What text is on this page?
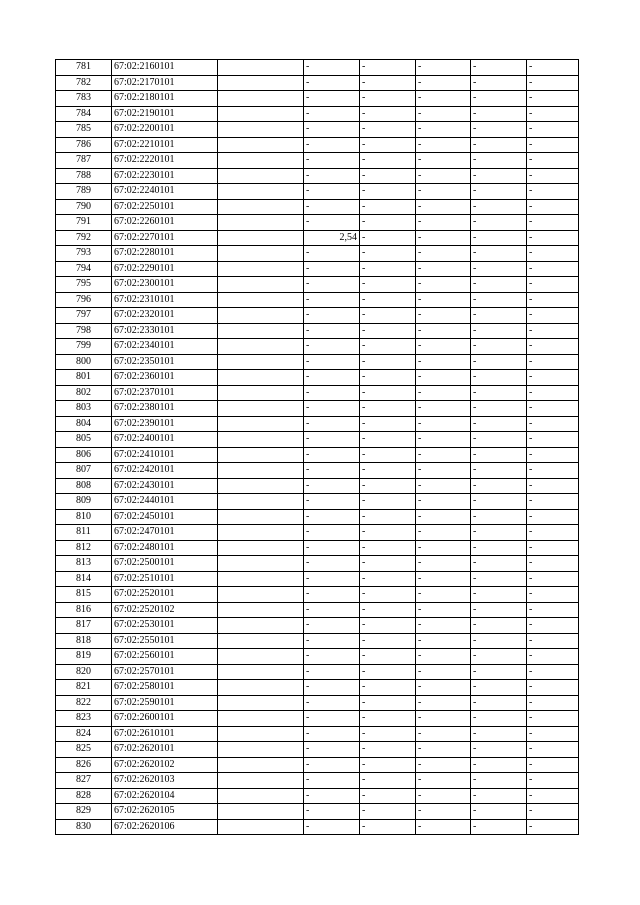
781	67:02:2160101		-	-	-	-	-
782	67:02:2170101		-	-	-	-	-
783	67:02:2180101		-	-	-	-	-
784	67:02:2190101		-	-	-	-	-
785	67:02:2200101		-	-	-	-	-
786	67:02:2210101		-	-	-	-	-
787	67:02:2220101		-	-	-	-	-
788	67:02:2230101		-	-	-	-	-
789	67:02:2240101		-	-	-	-	-
790	67:02:2250101		-	-	-	-	-
791	67:02:2260101		-	-	-	-	-
792	67:02:2270101		2,54	-	-	-	-
793	67:02:2280101		-	-	-	-	-
794	67:02:2290101		-	-	-	-	-
795	67:02:2300101		-	-	-	-	-
796	67:02:2310101		-	-	-	-	-
797	67:02:2320101		-	-	-	-	-
798	67:02:2330101		-	-	-	-	-
799	67:02:2340101		-	-	-	-	-
800	67:02:2350101		-	-	-	-	-
801	67:02:2360101		-	-	-	-	-
802	67:02:2370101		-	-	-	-	-
803	67:02:2380101		-	-	-	-	-
804	67:02:2390101		-	-	-	-	-
805	67:02:2400101		-	-	-	-	-
806	67:02:2410101		-	-	-	-	-
807	67:02:2420101		-	-	-	-	-
808	67:02:2430101		-	-	-	-	-
809	67:02:2440101		-	-	-	-	-
810	67:02:2450101		-	-	-	-	-
811	67:02:2470101		-	-	-	-	-
812	67:02:2480101		-	-	-	-	-
813	67:02:2500101		-	-	-	-	-
814	67:02:2510101		-	-	-	-	-
815	67:02:2520101		-	-	-	-	-
816	67:02:2520102		-	-	-	-	-
817	67:02:2530101		-	-	-	-	-
818	67:02:2550101		-	-	-	-	-
819	67:02:2560101		-	-	-	-	-
820	67:02:2570101		-	-	-	-	-
821	67:02:2580101		-	-	-	-	-
822	67:02:2590101		-	-	-	-	-
823	67:02:2600101		-	-	-	-	-
824	67:02:2610101		-	-	-	-	-
825	67:02:2620101		-	-	-	-	-
826	67:02:2620102		-	-	-	-	-
827	67:02:2620103		-	-	-	-	-
828	67:02:2620104		-	-	-	-	-
829	67:02:2620105		-	-	-	-	-
830	67:02:2620106		-	-	-	-	-
